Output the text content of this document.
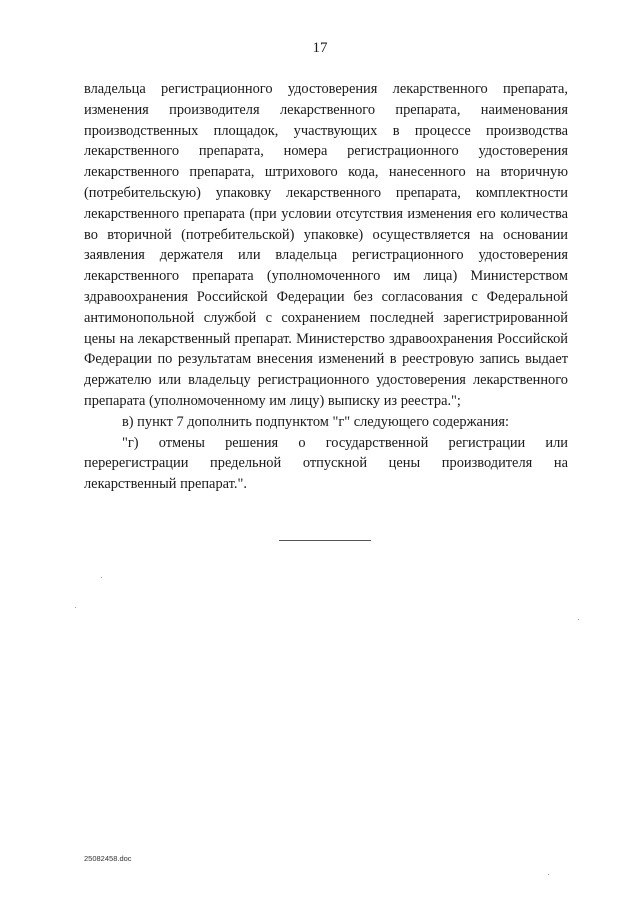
17

владельца регистрационного удостоверения лекарственного препарата, изменения производителя лекарственного препарата, наименования производственных площадок, участвующих в процессе производства лекарственного препарата, номера регистрационного удостоверения лекарственного препарата, штрихового кода, нанесенного на вторичную (потребительскую) упаковку лекарственного препарата, комплектности лекарственного препарата (при условии отсутствия изменения его количества во вторичной (потребительской) упаковке) осуществляется на основании заявления держателя или владельца регистрационного удостоверения лекарственного препарата (уполномоченного им лица) Министерством здравоохранения Российской Федерации без согласования с Федеральной антимонопольной службой с сохранением последней зарегистрированной цены на лекарственный препарат. Министерство здравоохранения Российской Федерации по результатам внесения изменений в реестровую запись выдает держателю или владельцу регистрационного удостоверения лекарственного препарата (уполномоченному им лицу) выписку из реестра.";

в) пункт 7 дополнить подпунктом "г" следующего содержания:

"г) отмены решения о государственной регистрации или перерегистрации предельной отпускной цены производителя на лекарственный препарат.".

25082458.doc
